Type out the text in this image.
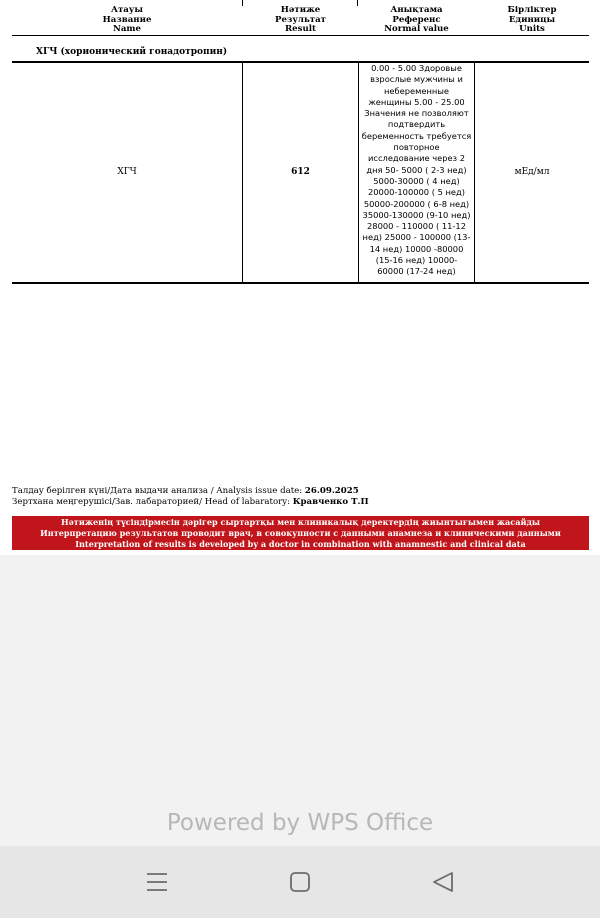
Атауы
Название
Name
Нәтиже
Результат
Result
Анықтама
Референс
Normal value
Бірліктер
Единицы
Units
ХГЧ (хорионический гонадотропин)
ХГЧ	612
0.00 - 5.00 Здоровые
взрослые мужчины и
небеременные
женщины 5.00 - 25.00
Значения не позволяют
подтвердить
беременность требуется
повторное
исследование через 2
дня 50- 5000 ( 2-3 нед)
5000-30000 ( 4 нед)
20000-100000 ( 5 нед)
50000-200000 ( 6-8 нед)
35000-130000 (9-10 нед)
28000 - 110000 ( 11-12
нед) 25000 - 100000 (13-
14 нед) 10000 -80000
(15-16 нед) 10000-
60000 (17-24 нед)
мЕд/мл
Талдау берілген күні/Дата выдачи анализа / Analysis issue date: 26.09.2025
Зертхана меңгерушісі/Зав. лабараторией/ Head of labaratory: Кравченко Т.П
Нәтиженің түсіндірмесін дәрігер сыртартқы мен клиникалық деректердің жиынтығымен жасайды
Интерпретацию результатов проводит врач, в совокупности с данными анамнеза и клиническими данными
Interpretation of results is developed by a doctor in combination with anamnestic and clinical data
Powered by WPS Office
